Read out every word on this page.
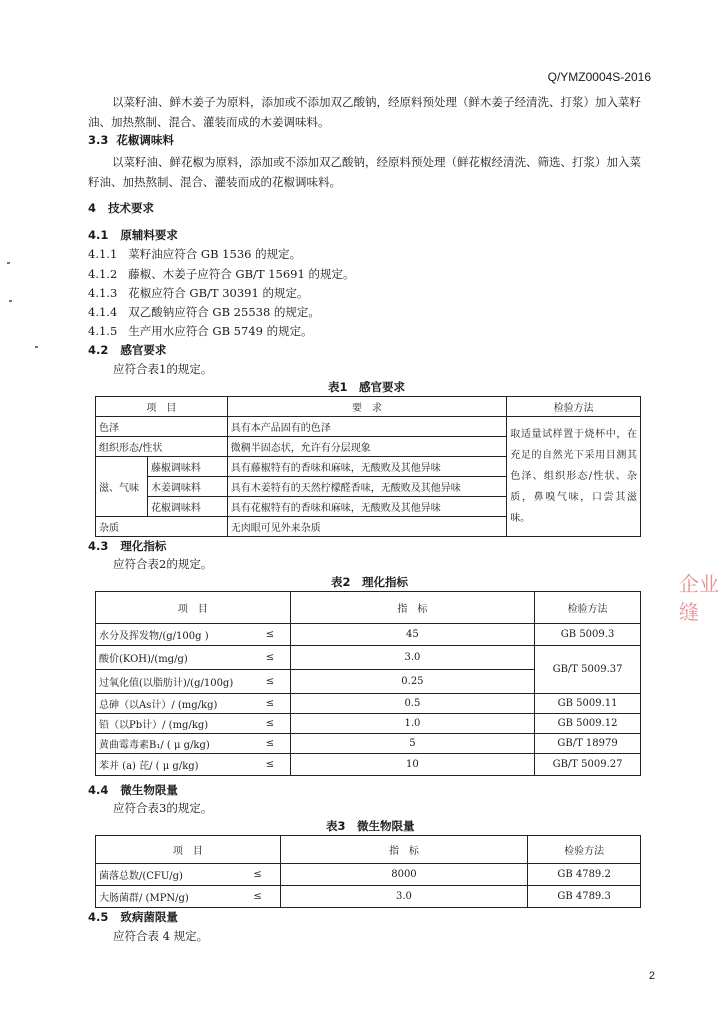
Q/YMZ0004S-2016
以菜籽油、鲜木姜子为原料，添加或不添加双乙酸钠，经原料预处理（鲜木姜子经清洗、打浆）加入菜籽油、加热熬制、混合、灌装而成的木姜调味料。
3.3 花椒调味料
以菜籽油、鲜花椒为原料，添加或不添加双乙酸钠，经原料预处理（鲜花椒经清洗、筛选、打浆）加入菜籽油、加热熬制、混合、灌装而成的花椒调味料。
4 技术要求
4.1 原辅料要求
4.1.1 菜籽油应符合 GB 1536 的规定。
4.1.2 藤椒、木姜子应符合 GB/T 15691 的规定。
4.1.3 花椒应符合 GB/T 30391 的规定。
4.1.4 双乙酸钠应符合 GB 25538 的规定。
4.1.5 生产用水应符合 GB 5749 的规定。
4.2 感官要求
应符合表1的规定。
表1　感官要求
项　目		要　求	检验方法
色泽		具有本产品固有的色泽	取适量试样置于烧杯中，在充足的自然光下采用目测其色泽、组织形态/性状、杂质，鼻嗅气味，口尝其滋味。
组织形态/性状		微稠半固态状，允许有分层现象	
滋、气味	藤椒调味料	具有藤椒特有的香味和麻味，无酸败及其他异味	
	木姜调味料	具有木姜特有的天然柠檬醛香味，无酸败及其他异味	
	花椒调味料	具有花椒特有的香味和麻味，无酸败及其他异味	
杂质		无肉眼可见外来杂质	
4.3 理化指标
应符合表2的规定。
表2　理化指标
项　目		指　标	检验方法
水分及挥发物/(g/100g )	≤	45	GB 5009.3
酸价(KOH)/(mg/g)	≤	3.0	GB/T 5009.37
过氧化值(以脂肪计)/(g/100g)	≤	0.25	
总砷（以As计）/ (mg/kg)	≤	0.5	GB 5009.11
铅（以Pb计）/ (mg/kg)	≤	1.0	GB 5009.12
黄曲霉毒素B₁/ ( μ g/kg)	≤	5	GB/T 18979
苯并 (a) 芘/ ( μ g/kg)	≤	10	GB/T 5009.27
4.4 微生物限量
应符合表3的规定。
表3　微生物限量
项　目		指　标	检验方法
菌落总数/(CFU/g)	≤	8000	GB 4789.2
大肠菌群/ (MPN/g)	≤	3.0	GB 4789.3
4.5 致病菌限量
应符合表 4 规定。
企业
缝
2
